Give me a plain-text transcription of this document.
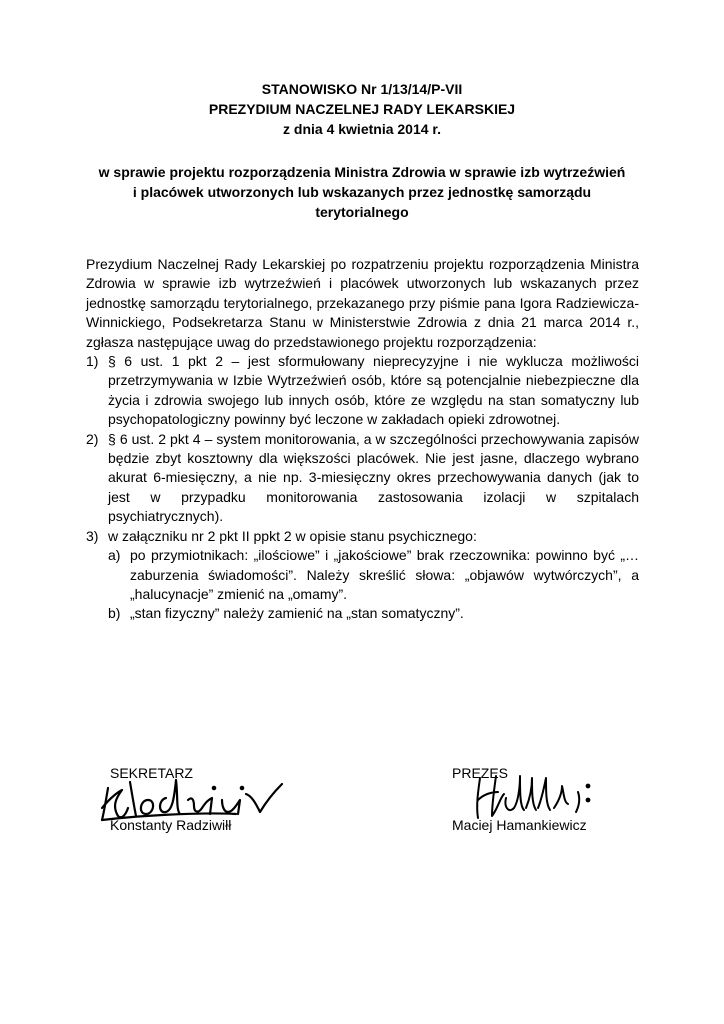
STANOWISKO Nr 1/13/14/P-VII
PREZYDIUM NACZELNEJ RADY LEKARSKIEJ
z dnia 4 kwietnia 2014 r.
w sprawie projektu rozporządzenia Ministra Zdrowia w sprawie izb wytrzeźwień
i placówek utworzonych lub wskazanych przez jednostkę samorządu
terytorialnego

Prezydium Naczelnej Rady Lekarskiej po rozpatrzeniu projektu rozporządzenia Ministra Zdrowia w sprawie izb wytrzeźwień i placówek utworzonych lub wskazanych przez jednostkę samorządu terytorialnego, przekazanego przy piśmie pana Igora Radziewicza-Winnickiego, Podsekretarza Stanu w Ministerstwie Zdrowia z dnia 21 marca 2014 r., zgłasza następujące uwag do przedstawionego projektu rozporządzenia:

1) § 6 ust. 1 pkt 2 – jest sformułowany nieprecyzyjne i nie wyklucza możliwości przetrzymywania w Izbie Wytrzeźwień osób, które są potencjalnie niebezpieczne dla życia i zdrowia swojego lub innych osób, które ze względu na stan somatyczny lub psychopatologiczny powinny być leczone w zakładach opieki zdrowotnej.
2) § 6 ust. 2 pkt 4 – system monitorowania, a w szczególności przechowywania zapisów będzie zbyt kosztowny dla większości placówek. Nie jest jasne, dlaczego wybrano akurat 6-miesięczny, a nie np. 3-miesięczny okres przechowywania danych (jak to jest w przypadku monitorowania zastosowania izolacji w szpitalach psychiatrycznych).
3) w załączniku nr 2 pkt II ppkt 2 w opisie stanu psychicznego:
a) po przymiotnikach: „ilościowe” i „jakościowe” brak rzeczownika: powinno być „…zaburzenia świadomości”. Należy skreślić słowa: „objawów wytwórczych”, a „halucynacje” zmienić na „omamy”.
b) „stan fizyczny” należy zamienić na „stan somatyczny”.
SEKRETARZ
Konstanty Radziwiłł
PREZES
Maciej Hamankiewicz
